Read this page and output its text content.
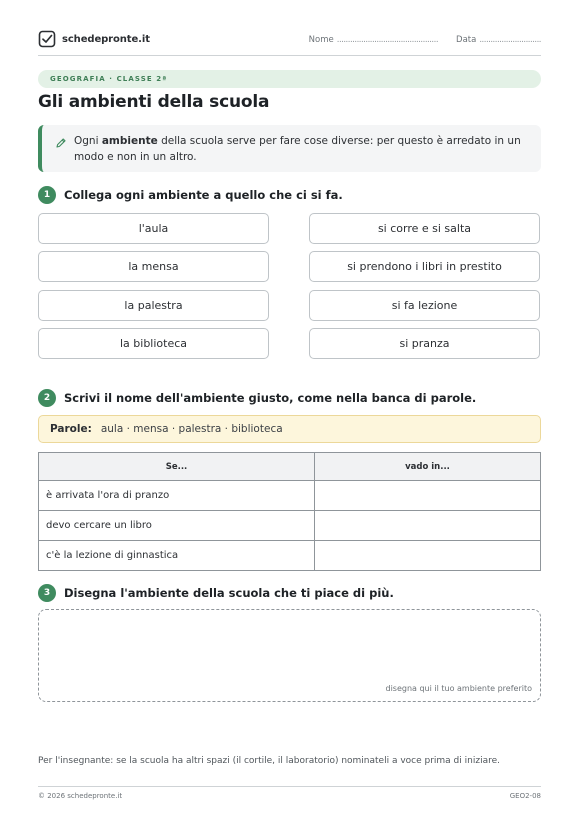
schedepronte.it	Nome .............................................. Data ............................
GEOGRAFIA · CLASSE 2ª
Gli ambienti della scuola
Ogni ambiente della scuola serve per fare cose diverse: per questo è arredato in un modo e non in un altro.
1	Collega ogni ambiente a quello che ci si fa.
l'aula
la mensa
la palestra
la biblioteca
si corre e si salta
si prendono i libri in prestito
si fa lezione
si pranza
2	Scrivi il nome dell'ambiente giusto, come nella banca di parole.
Parole: aula · mensa · palestra · biblioteca
Se...	vado in...
è arrivata l'ora di pranzo	
devo cercare un libro	
c'è la lezione di ginnastica	
3	Disegna l'ambiente della scuola che ti piace di più.
disegna qui il tuo ambiente preferito
Per l'insegnante: se la scuola ha altri spazi (il cortile, il laboratorio) nominateli a voce prima di iniziare.
© 2026 schedepronte.it	GEO2-08
